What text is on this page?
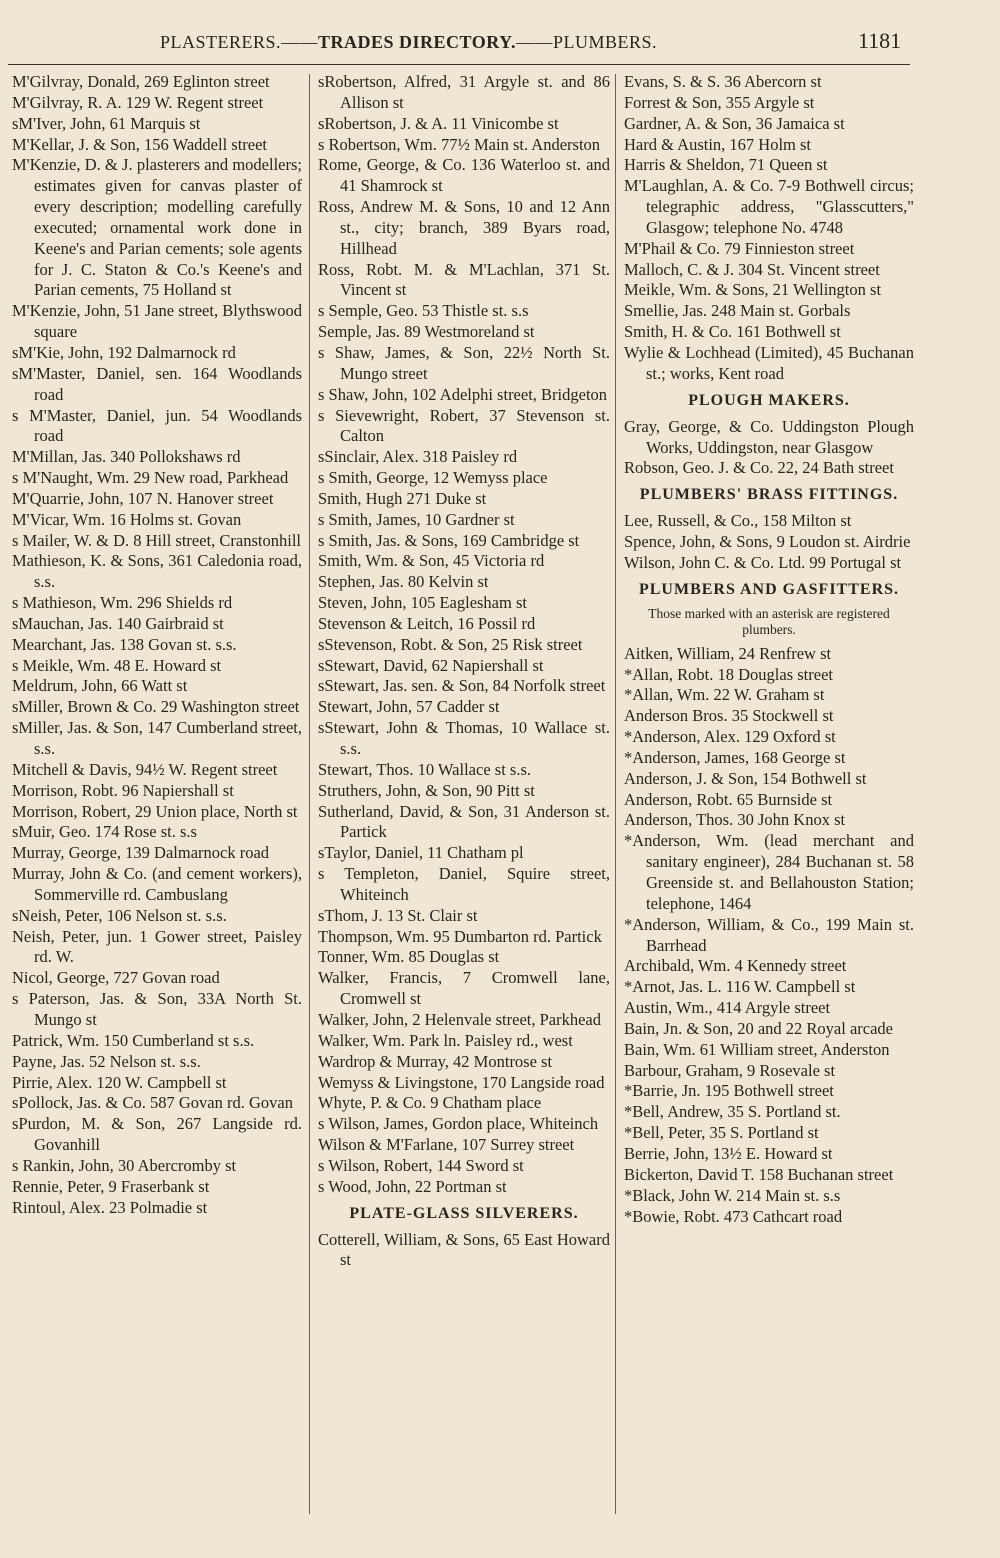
PLASTERERS.——TRADES DIRECTORY.——PLUMBERS.	1181
M'Gilvray, Donald, 269 Eglinton street
M'Gilvray, R. A. 129 W. Regent street
sM'Iver, John, 61 Marquis st
M'Kellar, J. & Son, 156 Waddell street
M'Kenzie, D. & J. plasterers and modellers; estimates given for canvas plaster of every description; modelling carefully executed; ornamental work done in Keene's and Parian cements; sole agents for J. C. Staton & Co.'s Keene's and Parian cements, 75 Holland st
M'Kenzie, John, 51 Jane street, Blythswood square
sM'Kie, John, 192 Dalmarnock rd
sM'Master, Daniel, sen. 164 Woodlands road
s M'Master, Daniel, jun. 54 Woodlands road
M'Millan, Jas. 340 Pollokshaws rd
s M'Naught, Wm. 29 New road, Parkhead
M'Quarrie, John, 107 N. Hanover street
M'Vicar, Wm. 16 Holms st. Govan
s Mailer, W. & D. 8 Hill street, Cranstonhill
Mathieson, K. & Sons, 361 Caledonia road, s.s.
s Mathieson, Wm. 296 Shields rd
sMauchan, Jas. 140 Gairbraid st
Mearchant, Jas. 138 Govan st. s.s.
s Meikle, Wm. 48 E. Howard st
Meldrum, John, 66 Watt st
sMiller, Brown & Co. 29 Washington street
sMiller, Jas. & Son, 147 Cumberland street, s.s.
Mitchell & Davis, 94½ W. Regent street
Morrison, Robt. 96 Napiershall st
Morrison, Robert, 29 Union place, North st
sMuir, Geo. 174 Rose st. s.s
Murray, George, 139 Dalmarnock road
Murray, John & Co. (and cement workers), Sommerville rd. Cambuslang
sNeish, Peter, 106 Nelson st. s.s.
Neish, Peter, jun. 1 Gower street, Paisley rd. W.
Nicol, George, 727 Govan road
s Paterson, Jas. & Son, 33A North St. Mungo st
Patrick, Wm. 150 Cumberland st s.s.
Payne, Jas. 52 Nelson st. s.s.
Pirrie, Alex. 120 W. Campbell st
sPollock, Jas. & Co. 587 Govan rd. Govan
sPurdon, M. & Son, 267 Langside rd. Govanhill
s Rankin, John, 30 Abercromby st
Rennie, Peter, 9 Fraserbank st
Rintoul, Alex. 23 Polmadie st
sRobertson, Alfred, 31 Argyle st. and 86 Allison st
sRobertson, J. & A. 11 Vinicombe st
s Robertson, Wm. 77½ Main st. Anderston
Rome, George, & Co. 136 Waterloo st. and 41 Shamrock st
Ross, Andrew M. & Sons, 10 and 12 Ann st., city; branch, 389 Byars road, Hillhead
Ross, Robt. M. & M'Lachlan, 371 St. Vincent st
s Semple, Geo. 53 Thistle st. s.s
Semple, Jas. 89 Westmoreland st
s Shaw, James, & Son, 22½ North St. Mungo street
s Shaw, John, 102 Adelphi street, Bridgeton
s Sievewright, Robert, 37 Stevenson st. Calton
sSinclair, Alex. 318 Paisley rd
s Smith, George, 12 Wemyss place
Smith, Hugh 271 Duke st
s Smith, James, 10 Gardner st
s Smith, Jas. & Sons, 169 Cambridge st
Smith, Wm. & Son, 45 Victoria rd
Stephen, Jas. 80 Kelvin st
Steven, John, 105 Eaglesham st
Stevenson & Leitch, 16 Possil rd
sStevenson, Robt. & Son, 25 Risk street
sStewart, David, 62 Napiershall st
sStewart, Jas. sen. & Son, 84 Norfolk street
Stewart, John, 57 Cadder st
sStewart, John & Thomas, 10 Wallace st. s.s.
Stewart, Thos. 10 Wallace st s.s.
Struthers, John, & Son, 90 Pitt st
Sutherland, David, & Son, 31 Anderson st. Partick
sTaylor, Daniel, 11 Chatham pl
s Templeton, Daniel, Squire street, Whiteinch
sThom, J. 13 St. Clair st
Thompson, Wm. 95 Dumbarton rd. Partick
Tonner, Wm. 85 Douglas st
Walker, Francis, 7 Cromwell lane, Cromwell st
Walker, John, 2 Helenvale street, Parkhead
Walker, Wm. Park ln. Paisley rd., west
Wardrop & Murray, 42 Montrose st
Wemyss & Livingstone, 170 Langside road
Whyte, P. & Co. 9 Chatham place
s Wilson, James, Gordon place, Whiteinch
Wilson & M'Farlane, 107 Surrey street
s Wilson, Robert, 144 Sword st
s Wood, John, 22 Portman st
PLATE-GLASS SILVERERS.
Cotterell, William, & Sons, 65 East Howard st
Evans, S. & S. 36 Abercorn st
Forrest & Son, 355 Argyle st
Gardner, A. & Son, 36 Jamaica st
Hard & Austin, 167 Holm st
Harris & Sheldon, 71 Queen st
M'Laughlan, A. & Co. 7-9 Bothwell circus; telegraphic address, "Glasscutters," Glasgow; telephone No. 4748
M'Phail & Co. 79 Finnieston street
Malloch, C. & J. 304 St. Vincent street
Meikle, Wm. & Sons, 21 Wellington st
Smellie, Jas. 248 Main st. Gorbals
Smith, H. & Co. 161 Bothwell st
Wylie & Lochhead (Limited), 45 Buchanan st.; works, Kent road
PLOUGH MAKERS.
Gray, George, & Co. Uddingston Plough Works, Uddingston, near Glasgow
Robson, Geo. J. & Co. 22, 24 Bath street
PLUMBERS' BRASS FITTINGS.
Lee, Russell, & Co., 158 Milton st
Spence, John, & Sons, 9 Loudon st. Airdrie
Wilson, John C. & Co. Ltd. 99 Portugal st
PLUMBERS AND GASFITTERS.
Those marked with an asterisk are registered plumbers.
Aitken, William, 24 Renfrew st
*Allan, Robt. 18 Douglas street
*Allan, Wm. 22 W. Graham st
Anderson Bros. 35 Stockwell st
*Anderson, Alex. 129 Oxford st
*Anderson, James, 168 George st
Anderson, J. & Son, 154 Bothwell st
Anderson, Robt. 65 Burnside st
Anderson, Thos. 30 John Knox st
*Anderson, Wm. (lead merchant and sanitary engineer), 284 Buchanan st. 58 Greenside st. and Bellahouston Station; telephone, 1464
*Anderson, William, & Co., 199 Main st. Barrhead
Archibald, Wm. 4 Kennedy street
*Arnot, Jas. L. 116 W. Campbell st
Austin, Wm., 414 Argyle street
Bain, Jn. & Son, 20 and 22 Royal arcade
Bain, Wm. 61 William street, Anderston
Barbour, Graham, 9 Rosevale st
*Barrie, Jn. 195 Bothwell street
*Bell, Andrew, 35 S. Portland st.
*Bell, Peter, 35 S. Portland st
Berrie, John, 13½ E. Howard st
Bickerton, David T. 158 Buchanan street
*Black, John W. 214 Main st. s.s
*Bowie, Robt. 473 Cathcart road
